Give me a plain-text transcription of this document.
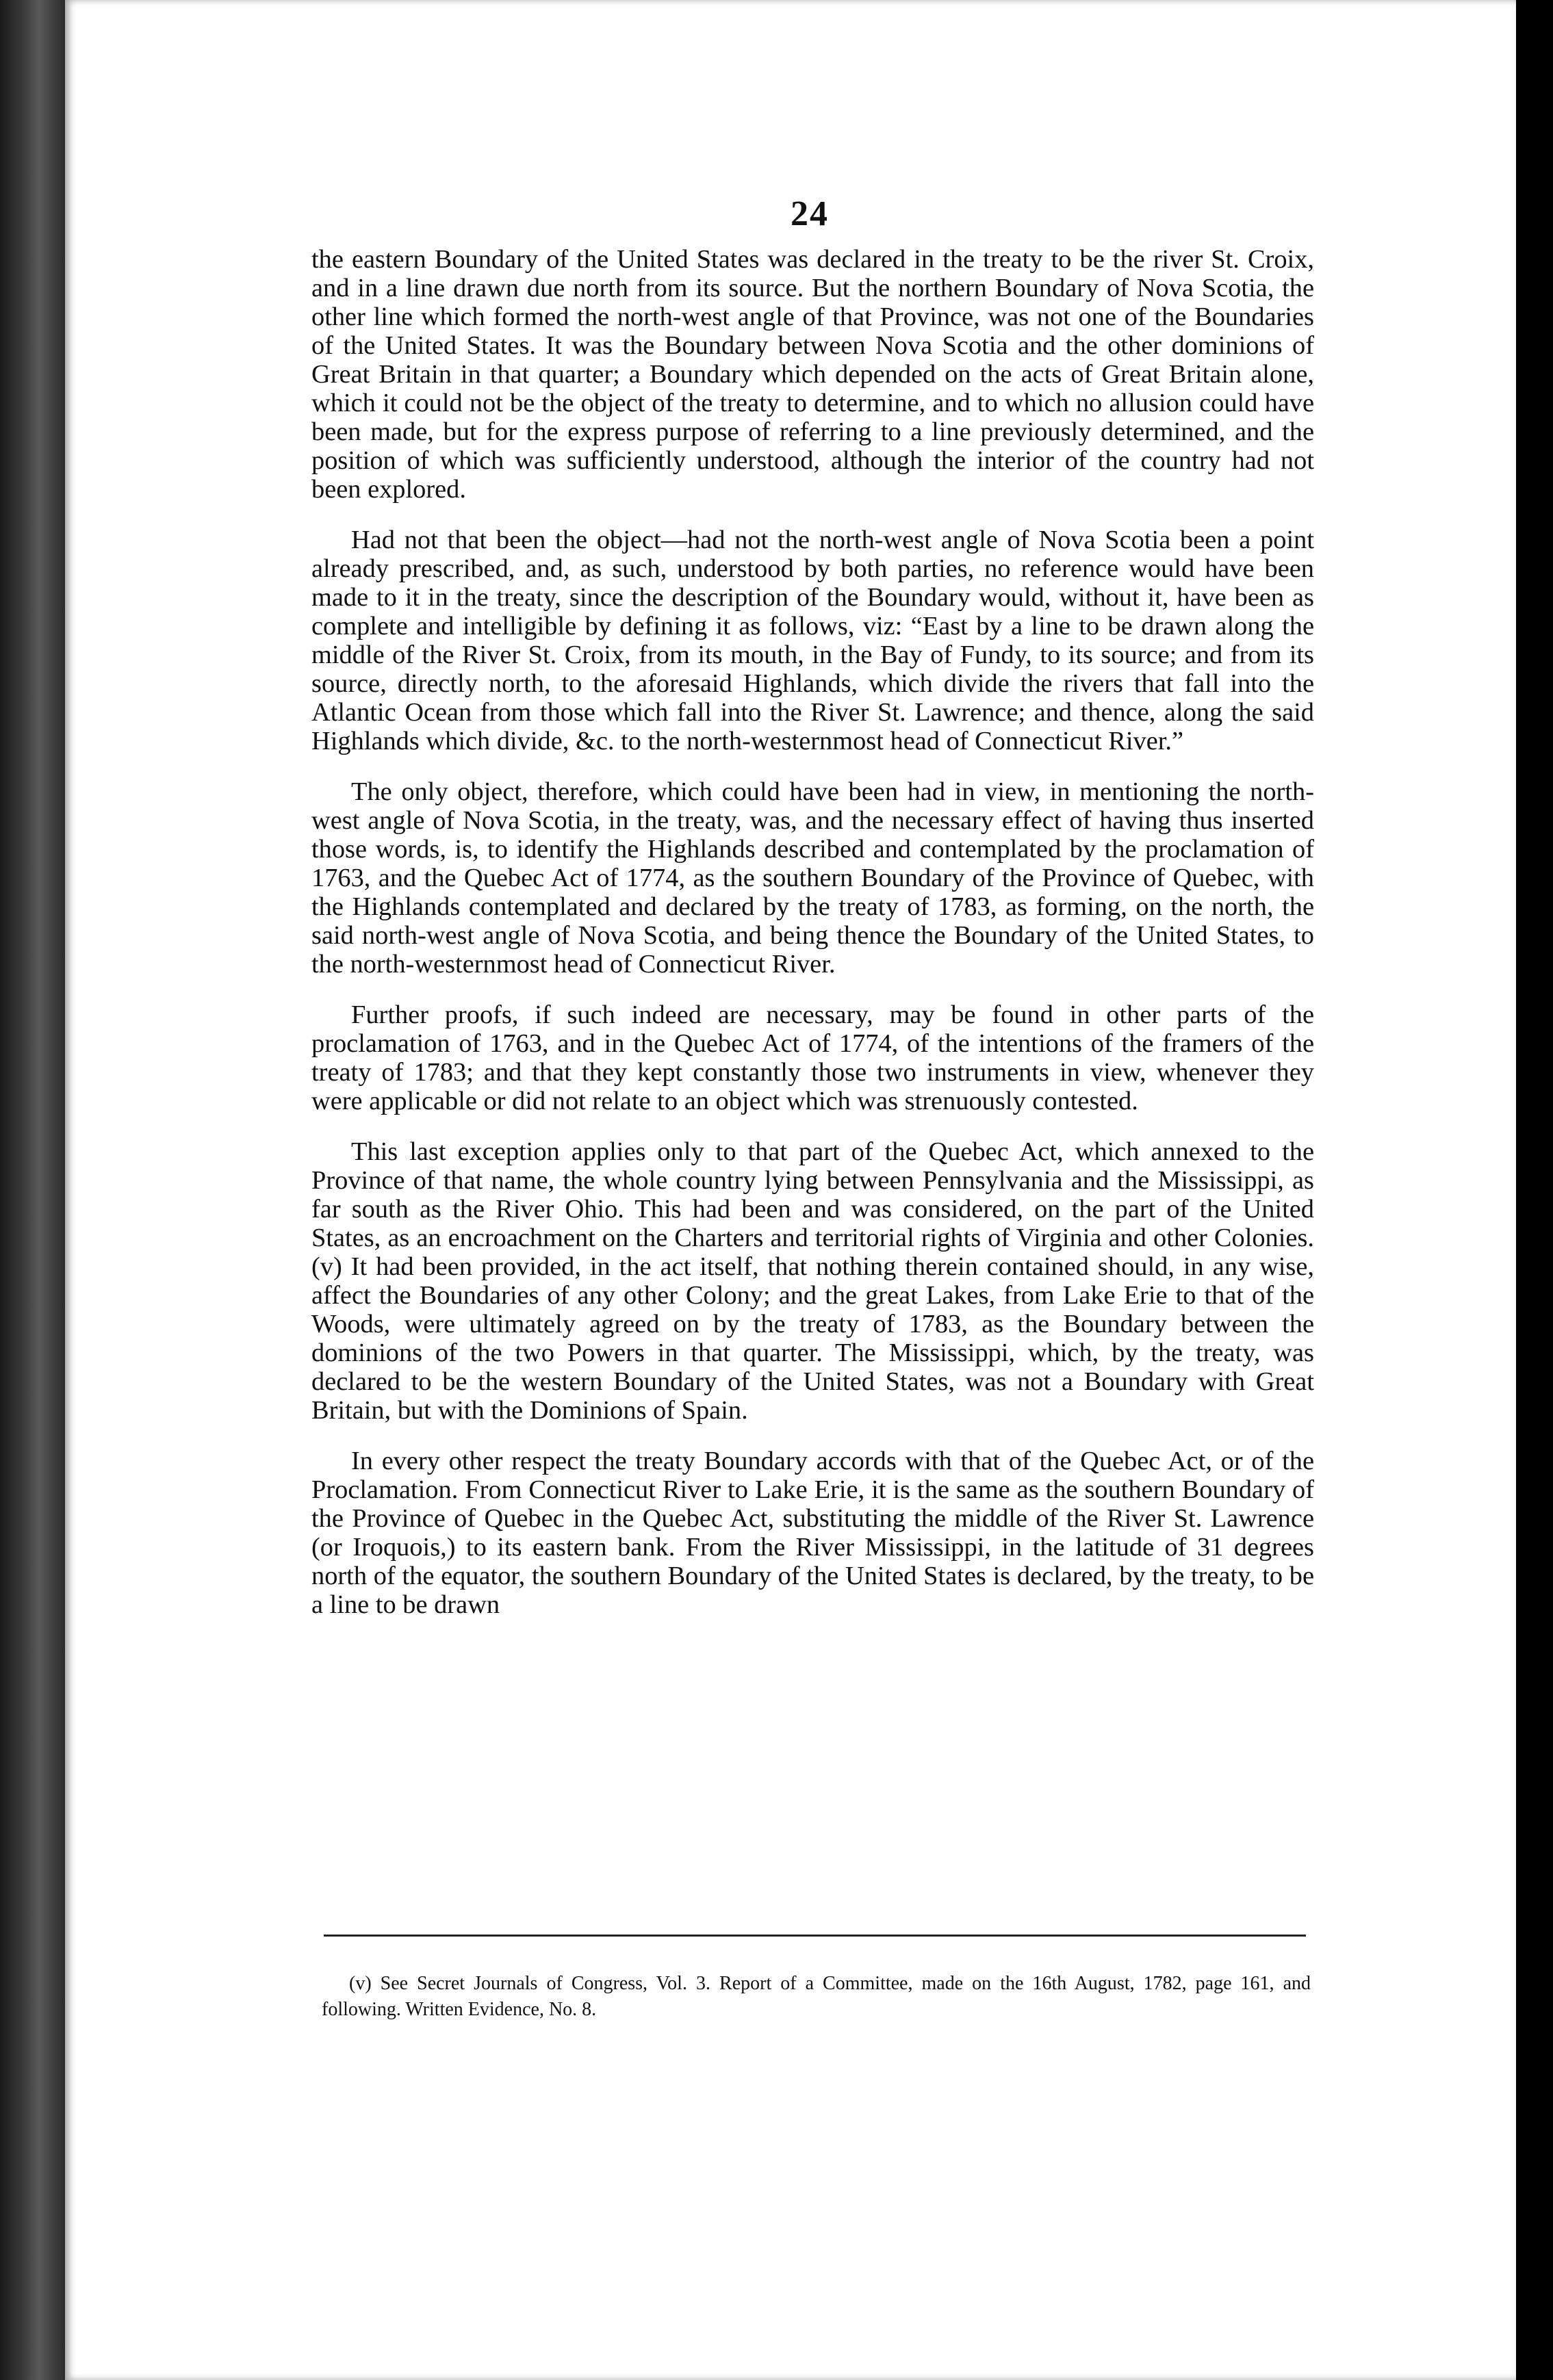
24

the eastern Boundary of the United States was declared in the treaty to be the river St. Croix, and in a line drawn due north from its source. But the northern Boundary of Nova Scotia, the other line which formed the north-west angle of that Province, was not one of the Boundaries of the United States. It was the Boundary between Nova Scotia and the other dominions of Great Britain in that quarter; a Boundary which depended on the acts of Great Britain alone, which it could not be the object of the treaty to determine, and to which no allusion could have been made, but for the express purpose of referring to a line previously determined, and the position of which was sufficiently understood, although the interior of the country had not been explored.

Had not that been the object—had not the north-west angle of Nova Scotia been a point already prescribed, and, as such, understood by both parties, no reference would have been made to it in the treaty, since the description of the Boundary would, without it, have been as complete and intelligible by defining it as follows, viz: “East by a line to be drawn along the middle of the River St. Croix, from its mouth, in the Bay of Fundy, to its source; and from its source, directly north, to the aforesaid Highlands, which divide the rivers that fall into the Atlantic Ocean from those which fall into the River St. Lawrence; and thence, along the said Highlands which divide, &c. to the north-westernmost head of Connecticut River.”

The only object, therefore, which could have been had in view, in mentioning the north-west angle of Nova Scotia, in the treaty, was, and the necessary effect of having thus inserted those words, is, to identify the Highlands described and contemplated by the proclamation of 1763, and the Quebec Act of 1774, as the southern Boundary of the Province of Quebec, with the Highlands contemplated and declared by the treaty of 1783, as forming, on the north, the said north-west angle of Nova Scotia, and being thence the Boundary of the United States, to the north-westernmost head of Connecticut River.

Further proofs, if such indeed are necessary, may be found in other parts of the proclamation of 1763, and in the Quebec Act of 1774, of the intentions of the framers of the treaty of 1783; and that they kept constantly those two instruments in view, whenever they were applicable or did not relate to an object which was strenuously contested.

This last exception applies only to that part of the Quebec Act, which annexed to the Province of that name, the whole country lying between Pennsylvania and the Mississippi, as far south as the River Ohio. This had been and was considered, on the part of the United States, as an encroachment on the Charters and territorial rights of Virginia and other Colonies. (v) It had been provided, in the act itself, that nothing therein contained should, in any wise, affect the Boundaries of any other Colony; and the great Lakes, from Lake Erie to that of the Woods, were ultimately agreed on by the treaty of 1783, as the Boundary between the dominions of the two Powers in that quarter. The Mississippi, which, by the treaty, was declared to be the western Boundary of the United States, was not a Boundary with Great Britain, but with the Dominions of Spain.

In every other respect the treaty Boundary accords with that of the Quebec Act, or of the Proclamation. From Connecticut River to Lake Erie, it is the same as the southern Boundary of the Province of Quebec in the Quebec Act, substituting the middle of the River St. Lawrence (or Iroquois,) to its eastern bank. From the River Mississippi, in the latitude of 31 degrees north of the equator, the southern Boundary of the United States is declared, by the treaty, to be a line to be drawn

(v) See Secret Journals of Congress, Vol. 3. Report of a Committee, made on the 16th August, 1782, page 161, and following. Written Evidence, No. 8.
